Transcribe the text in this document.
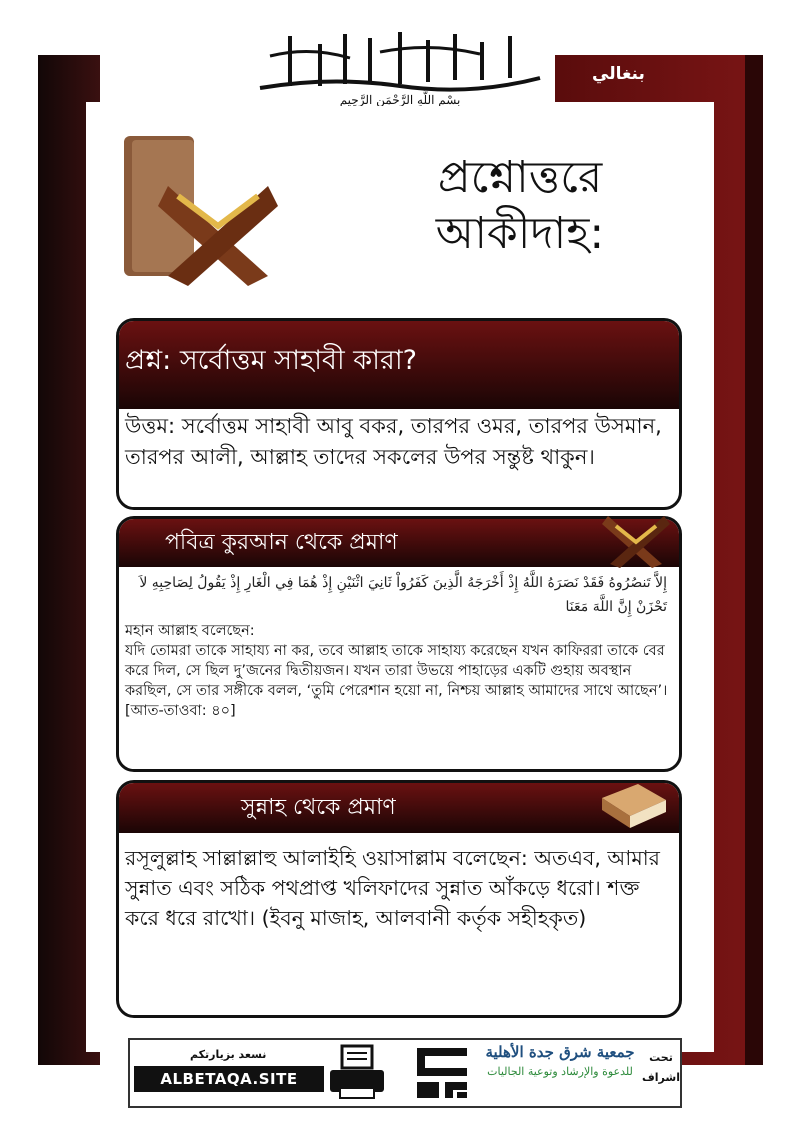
Bengali	بنغالي
بِسْمِ اللَّهِ الرَّحْمَنِ الرَّحِيمِ
প্রশ্নোত্তরে আকীদাহ:
প্রশ্ন: সর্বোত্তম সাহাবী কারা?
উত্তম: সর্বোত্তম সাহাবী আবু বকর, তারপর ওমর, তারপর উসমান, তারপর আলী, আল্লাহ তাদের সকলের উপর সন্তুষ্ট থাকুন।
পবিত্র কুরআন থেকে প্রমাণ
إِلاَّ تَنصُرُوهُ فَقَدْ نَصَرَهُ اللَّهُ إِذْ أَخْرَجَهُ الَّذِينَ كَفَرُواْ ثَانِيَ اثْنَيْنِ إِذْ هُمَا فِي الْغَارِ إِذْ يَقُولُ لِصَاحِبِهِ لاَ تَحْزَنْ إِنَّ اللَّهَ مَعَنَا
মহান আল্লাহ বলেছেন:
যদি তোমরা তাকে সাহায্য না কর, তবে আল্লাহ তাকে সাহায্য করেছেন যখন কাফিররা তাকে বের করে দিল, সে ছিল দু’জনের দ্বিতীয়জন। যখন তারা উভয়ে পাহাড়ের একটি গুহায় অবস্থান করছিল, সে তার সঙ্গীকে বলল, ‘তুমি পেরেশান হয়ো না, নিশ্চয় আল্লাহ আমাদের সাথে আছেন’। [আত-তাওবা: ৪০]
সুন্নাহ থেকে প্রমাণ
রসূলুল্লাহ সাল্লাল্লাহু আলাইহি ওয়াসাল্লাম বলেছেন: অতএব, আমার সুন্নাত এবং সঠিক পথপ্রাপ্ত খলিফাদের সুন্নাত আঁকড়ে ধরো। শক্ত করে ধরে রাখো। (ইবনু মাজাহ, আলবানী কর্তৃক সহীহকৃত)
نسعد بزيارتكم
ALBETAQA.SITE
جمعية شرق جدة الأهلية
للدعوة والإرشاد وتوعية الجاليات
تحت
اشراف
